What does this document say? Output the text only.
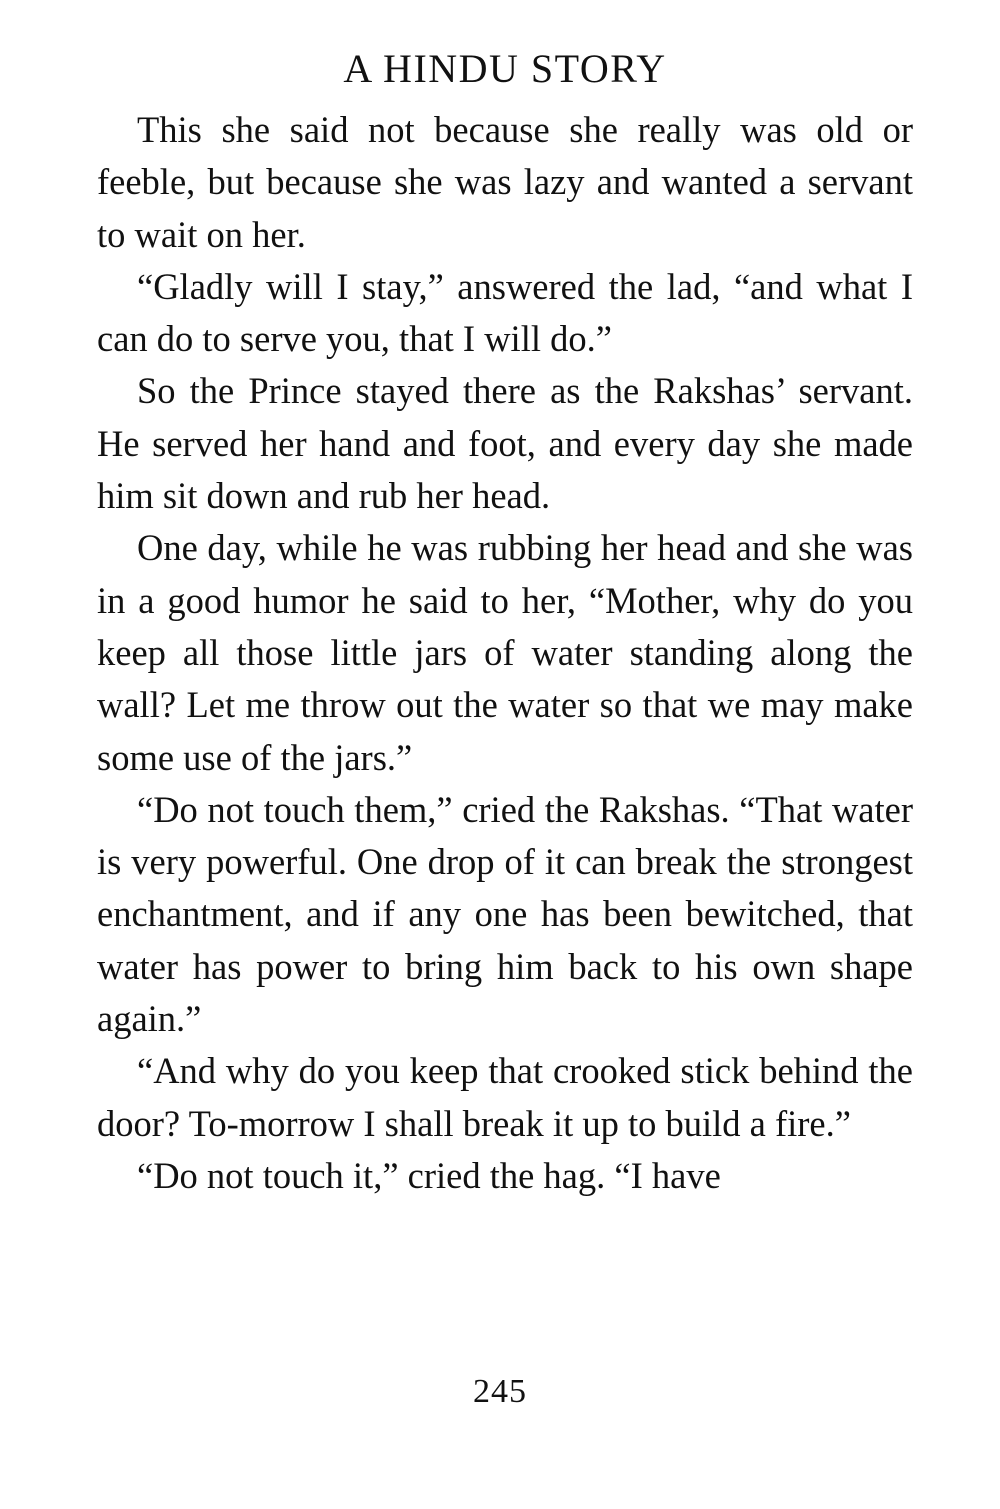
A HINDU STORY

This she said not because she really was old or feeble, but because she was lazy and wanted a servant to wait on her.

“Gladly will I stay,” answered the lad, “and what I can do to serve you, that I will do.”

So the Prince stayed there as the Rakshas’ servant. He served her hand and foot, and every day she made him sit down and rub her head.

One day, while he was rubbing her head and she was in a good humor he said to her, “Mother, why do you keep all those little jars of water standing along the wall? Let me throw out the water so that we may make some use of the jars.”

“Do not touch them,” cried the Rakshas. “That water is very powerful. One drop of it can break the strongest enchantment, and if any one has been bewitched, that water has power to bring him back to his own shape again.”

“And why do you keep that crooked stick behind the door? To-morrow I shall break it up to build a fire.”

“Do not touch it,” cried the hag. “I have

245
